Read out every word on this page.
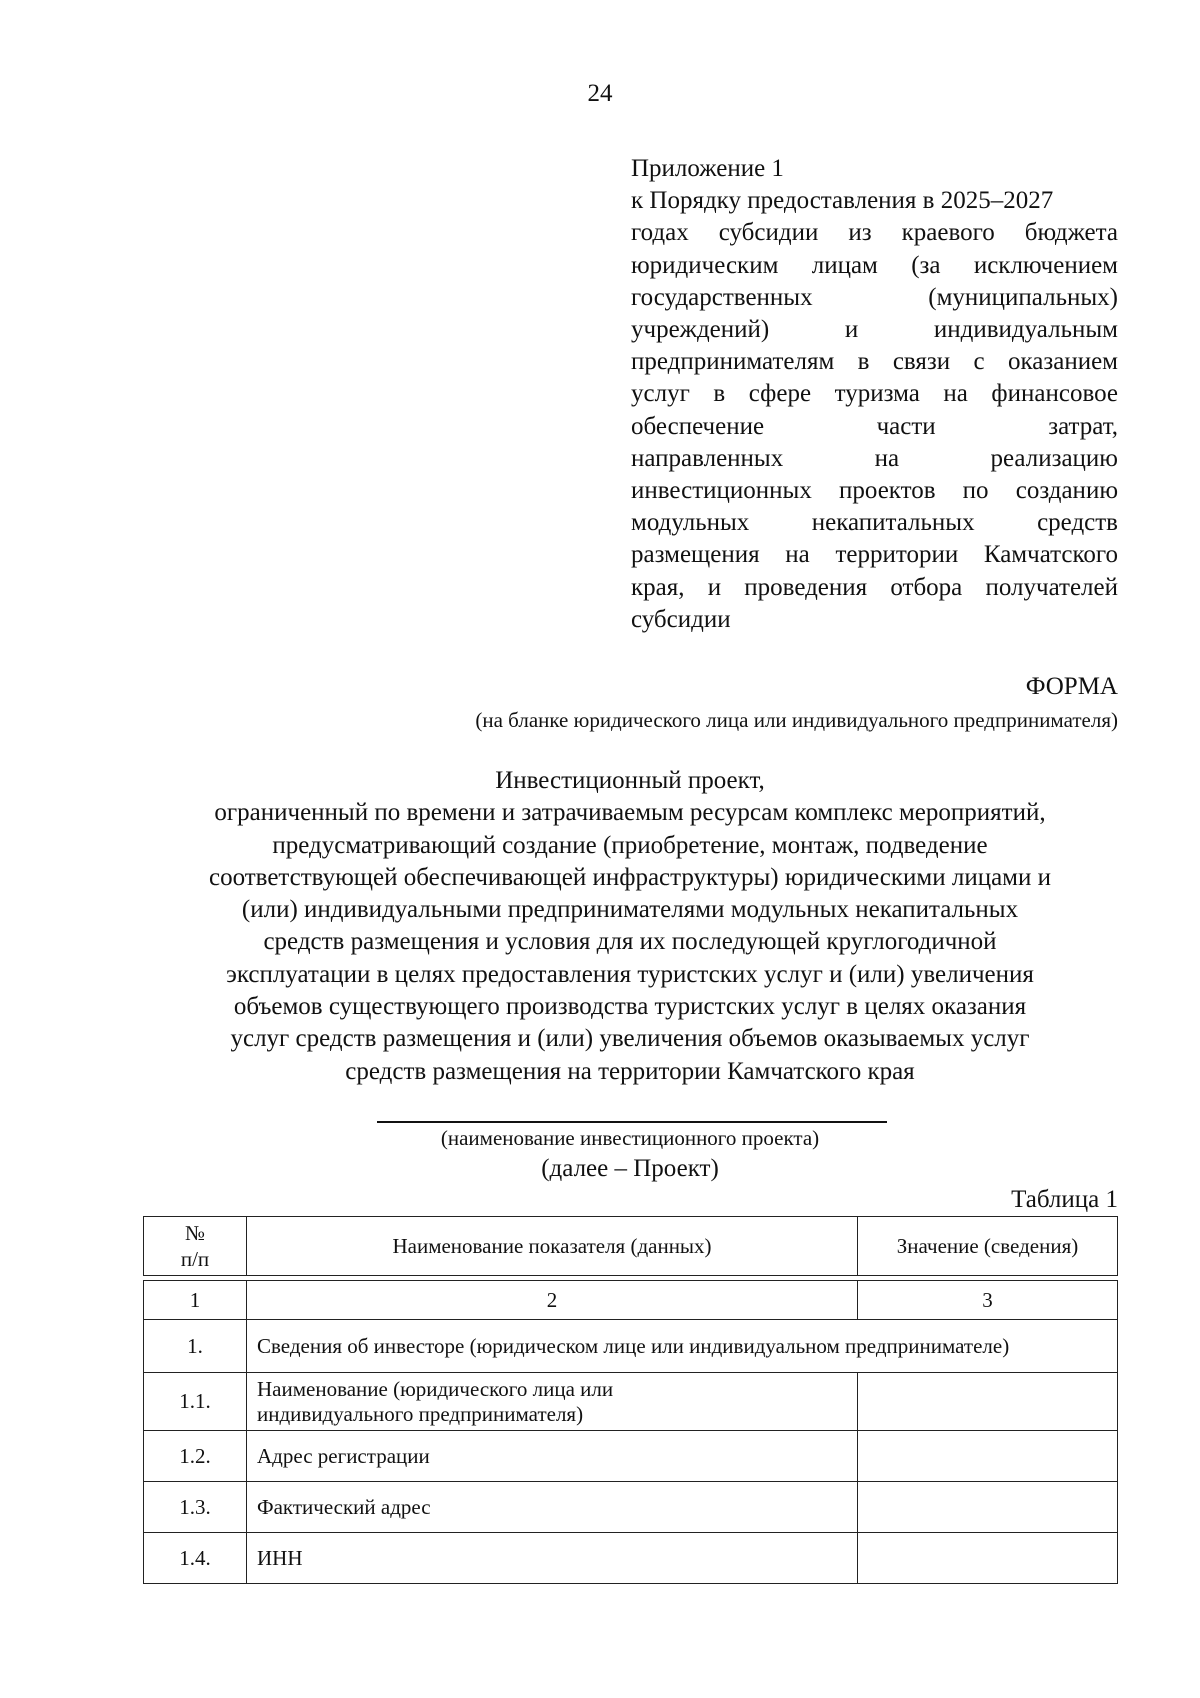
24
Приложение 1
к Порядку предоставления в 2025–2027
годах субсидии из краевого бюджета
юридическим лицам (за исключением
государственных (муниципальных)
учреждений) и индивидуальным
предпринимателям в связи с оказанием
услуг в сфере туризма на финансовое
обеспечение части затрат,
направленных на реализацию
инвестиционных проектов по созданию
модульных некапитальных средств
размещения на территории Камчатского
края, и проведения отбора получателей
субсидии
ФОРМА
(на бланке юридического лица или индивидуального предпринимателя)
Инвестиционный проект,
ограниченный по времени и затрачиваемым ресурсам комплекс мероприятий,
предусматривающий создание (приобретение, монтаж, подведение
соответствующей обеспечивающей инфраструктуры) юридическими лицами и
(или) индивидуальными предпринимателями модульных некапитальных
средств размещения и условия для их последующей круглогодичной
эксплуатации в целях предоставления туристских услуг и (или) увеличения
объемов существующего производства туристских услуг в целях оказания
услуг средств размещения и (или) увеличения объемов оказываемых услуг
средств размещения на территории Камчатского края
(наименование инвестиционного проекта)
(далее – Проект)
Таблица 1
№
п/п	Наименование показателя (данных)	Значение (сведения)

1	2	3
1.	Сведения об инвесторе (юридическом лице или индивидуальном предпринимателе)	
1.1.	Наименование (юридического лица или
индивидуального предпринимателя)	

1.2.	Адрес регистрации	
1.3.	Фактический адрес	
1.4.	ИНН	
